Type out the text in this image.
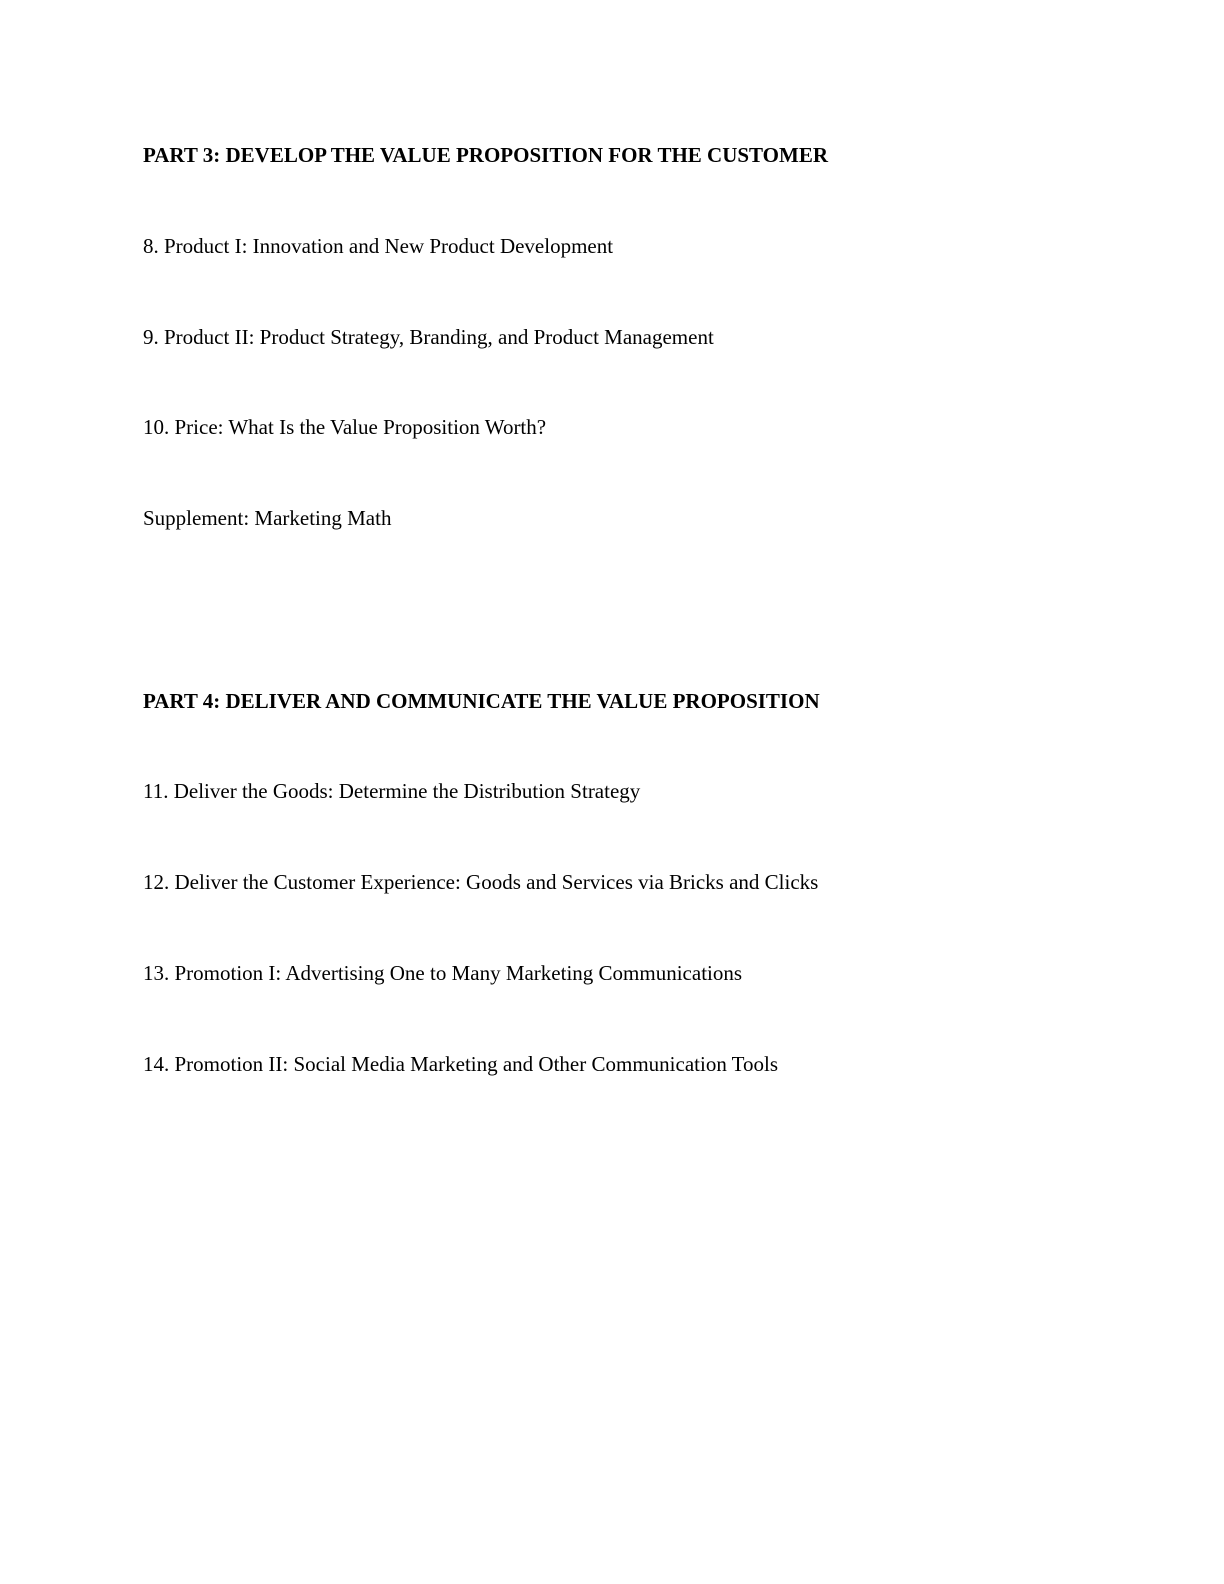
PART 3: DEVELOP THE VALUE PROPOSITION FOR THE CUSTOMER

8. Product I: Innovation and New Product Development

9. Product II: Product Strategy, Branding, and Product Management

10. Price: What Is the Value Proposition Worth?

Supplement: Marketing Math

PART 4: DELIVER AND COMMUNICATE THE VALUE PROPOSITION

11. Deliver the Goods: Determine the Distribution Strategy

12. Deliver the Customer Experience: Goods and Services via Bricks and Clicks

13. Promotion I: Advertising One to Many Marketing Communications

14. Promotion II: Social Media Marketing and Other Communication Tools
